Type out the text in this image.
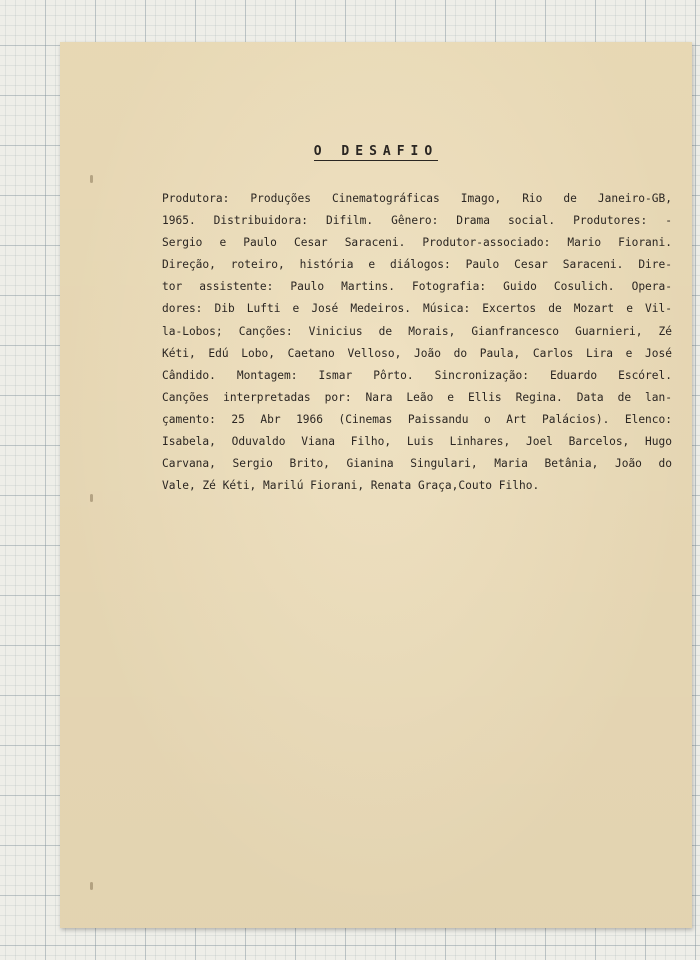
O DESAFIO

Produtora: Produções Cinematográficas Imago, Rio de Janeiro-GB,
1965. Distribuidora: Difilm. Gênero: Drama social. Produtores: -
Sergio e Paulo Cesar Saraceni. Produtor-associado: Mario Fiorani.
Direção, roteiro, história e diálogos: Paulo Cesar Saraceni. Dire-
tor assistente: Paulo Martins. Fotografia: Guido Cosulich. Opera-
dores: Dib Lufti e José Medeiros. Música: Excertos de Mozart e Vil-
la-Lobos; Canções: Vinicius de Morais, Gianfrancesco Guarnieri, Zé
Kéti, Edú Lobo, Caetano Velloso, João do Paula, Carlos Lira e José
Cândido. Montagem: Ismar Pôrto. Sincronização: Eduardo Escórel.
Canções interpretadas por: Nara Leão e Ellis Regina. Data de lan-
çamento: 25 Abr 1966 (Cinemas Paissandu o Art Palácios). Elenco:
Isabela, Oduvaldo Viana Filho, Luis Linhares, Joel Barcelos, Hugo
Carvana, Sergio Brito, Gianina Singulari, Maria Betânia, João do
Vale, Zé Kéti, Marilú Fiorani, Renata Graça,Couto Filho.
